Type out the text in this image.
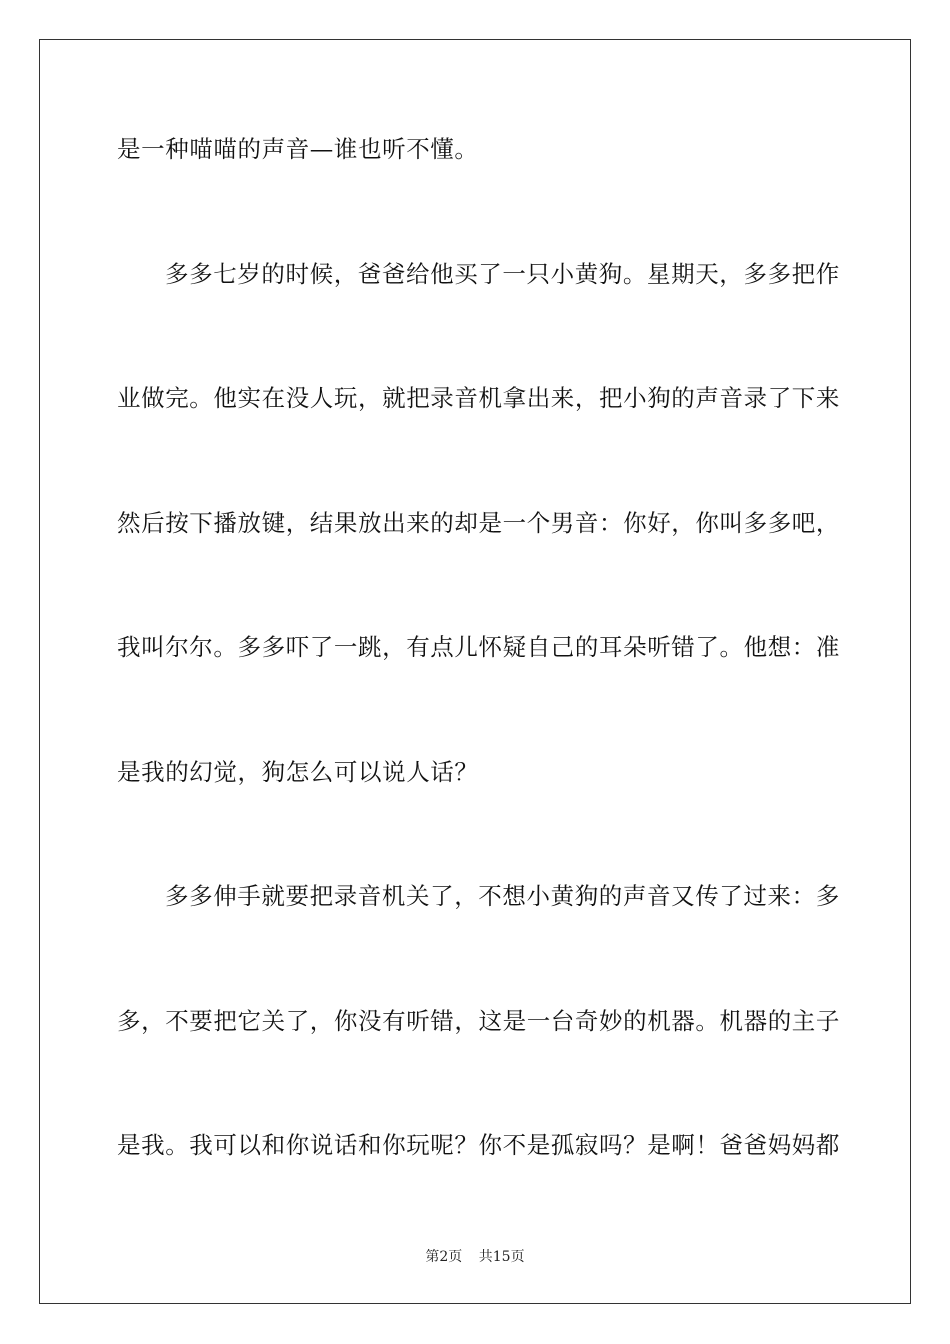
是一种喵喵的声音—谁也听不懂。
多多七岁的时候，爸爸给他买了一只小黄狗。星期天，多多把作
业做完。他实在没人玩，就把录音机拿出来，把小狗的声音录了下来
然后按下播放键，结果放出来的却是一个男音：你好，你叫多多吧，
我叫尔尔。多多吓了一跳，有点儿怀疑自己的耳朵听错了。他想：准
是我的幻觉，狗怎么可以说人话？
多多伸手就要把录音机关了，不想小黄狗的声音又传了过来：多
多，不要把它关了，你没有听错，这是一台奇妙的机器。机器的主子
是我。我可以和你说话和你玩呢？你不是孤寂吗？是啊！爸爸妈妈都
第2页 共15页
